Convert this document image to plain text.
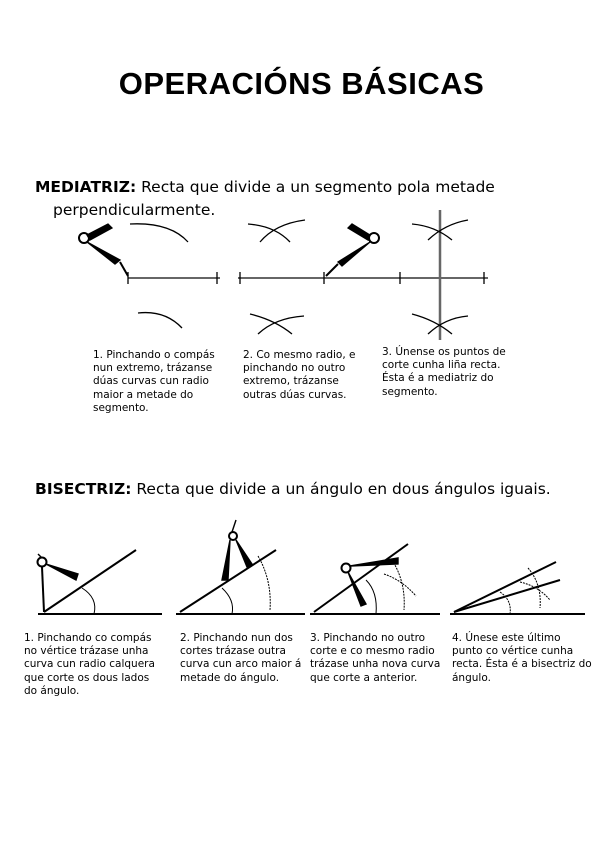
OPERACIÓNS BÁSICAS
MEDIATRIZ: Recta que divide a un segmento pola metade
perpendicularmente.
1. Pinchando o compás nun extremo, trázanse dúas curvas cun radio maior a metade do segmento.
2. Co mesmo radio, e pinchando no outro extremo, trázanse outras dúas curvas.
3. Únense os puntos de corte cunha liña recta. Ésta é a mediatriz do segmento.
BISECTRIZ: Recta que divide a un ángulo en dous ángulos iguais.
1. Pinchando co compás no vértice trázase unha curva cun radio calquera que corte os dous lados do ángulo.
2. Pinchando nun dos cortes trázase outra curva cun arco maior á metade do ángulo.
3. Pinchando no outro corte e co mesmo radio trázase unha nova curva que corte a anterior.
4. Únese este último punto co vértice cunha recta. Ésta é a bisectriz do ángulo.
